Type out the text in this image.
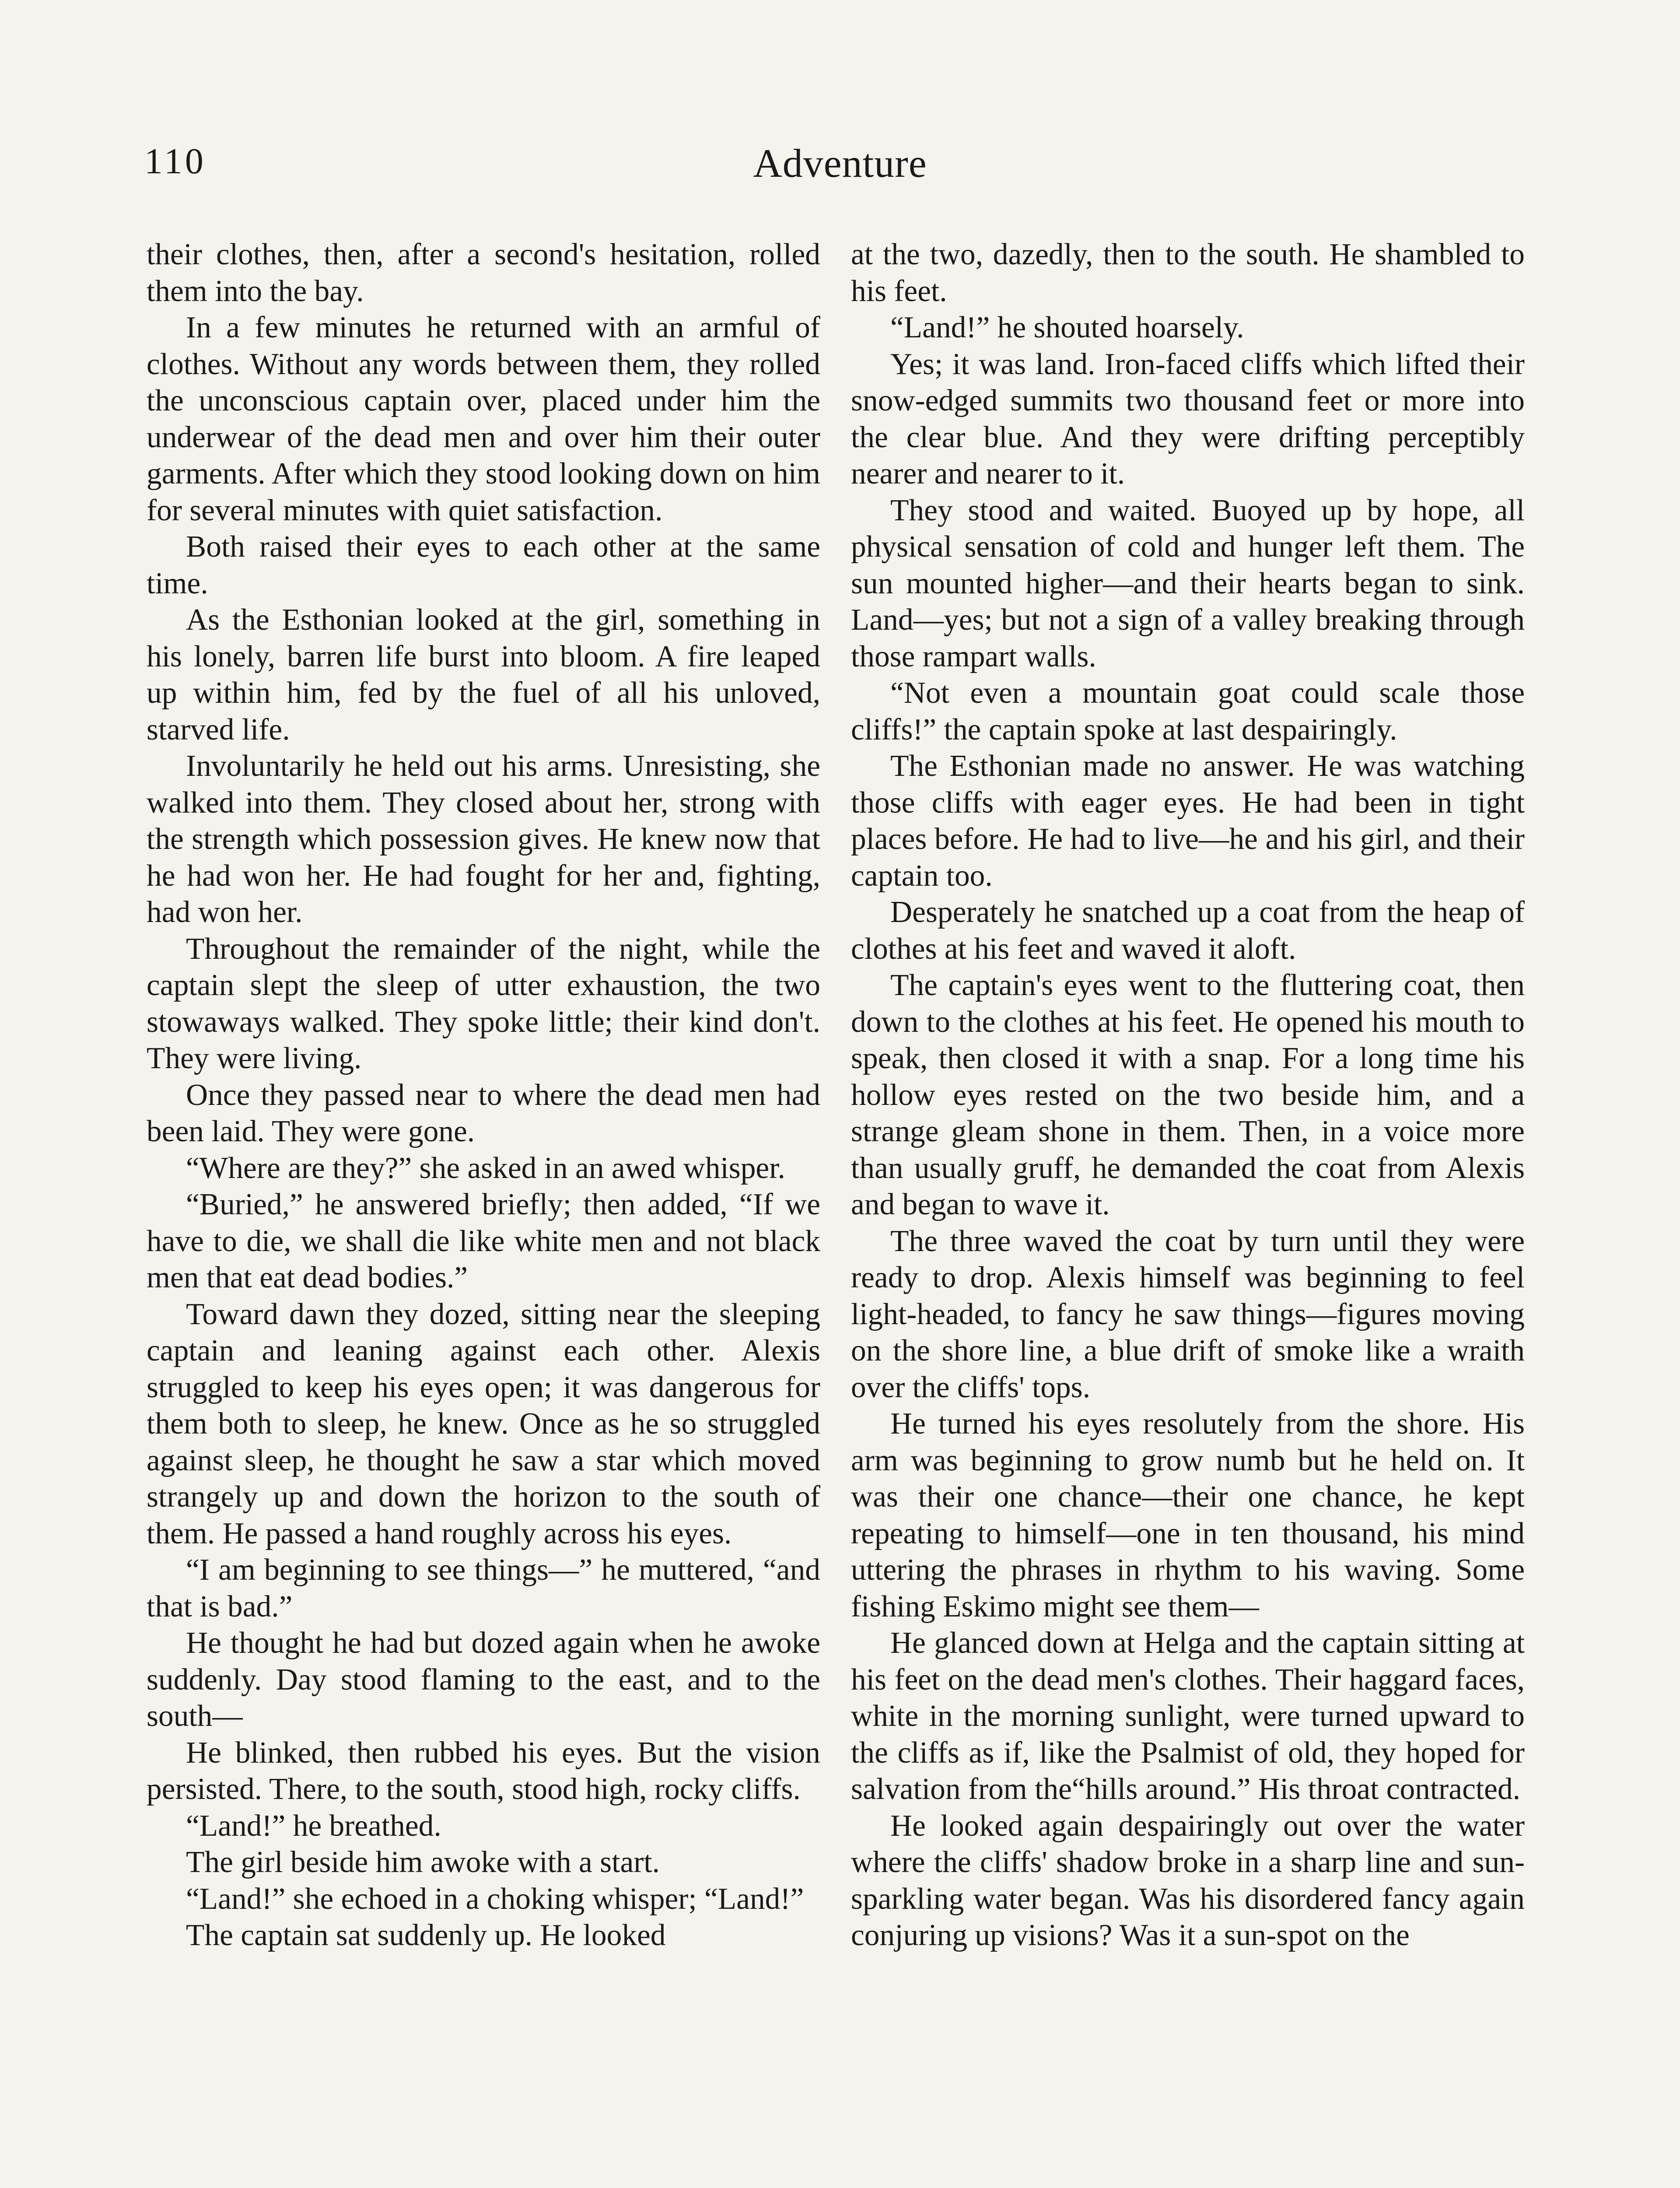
110	Adventure

their clothes, then, after a second's hesitation, rolled them into the bay.

In a few minutes he returned with an armful of clothes. Without any words between them, they rolled the unconscious captain over, placed under him the underwear of the dead men and over him their outer garments. After which they stood looking down on him for several minutes with quiet satisfaction.

Both raised their eyes to each other at the same time.

As the Esthonian looked at the girl, something in his lonely, barren life burst into bloom. A fire leaped up within him, fed by the fuel of all his unloved, starved life.

Involuntarily he held out his arms. Unresisting, she walked into them. They closed about her, strong with the strength which possession gives. He knew now that he had won her. He had fought for her and, fighting, had won her.

Throughout the remainder of the night, while the captain slept the sleep of utter exhaustion, the two stowaways walked. They spoke little; their kind don't. They were living.

Once they passed near to where the dead men had been laid. They were gone.

“Where are they?” she asked in an awed whisper.

“Buried,” he answered briefly; then added, “If we have to die, we shall die like white men and not black men that eat dead bodies.”

Toward dawn they dozed, sitting near the sleeping captain and leaning against each other. Alexis struggled to keep his eyes open; it was dangerous for them both to sleep, he knew. Once as he so struggled against sleep, he thought he saw a star which moved strangely up and down the horizon to the south of them. He passed a hand roughly across his eyes.

“I am beginning to see things—” he muttered, “and that is bad.”

He thought he had but dozed again when he awoke suddenly. Day stood flaming to the east, and to the south—

He blinked, then rubbed his eyes. But the vision persisted. There, to the south, stood high, rocky cliffs.

“Land!” he breathed.

The girl beside him awoke with a start.

“Land!” she echoed in a choking whisper; “Land!”

The captain sat suddenly up. He looked

at the two, dazedly, then to the south. He shambled to his feet.

“Land!” he shouted hoarsely.

Yes; it was land. Iron-faced cliffs which lifted their snow-edged summits two thousand feet or more into the clear blue. And they were drifting perceptibly nearer and nearer to it.

They stood and waited. Buoyed up by hope, all physical sensation of cold and hunger left them. The sun mounted higher—and their hearts began to sink. Land—yes; but not a sign of a valley breaking through those rampart walls.

“Not even a mountain goat could scale those cliffs!” the captain spoke at last despairingly.

The Esthonian made no answer. He was watching those cliffs with eager eyes. He had been in tight places before. He had to live—he and his girl, and their captain too.

Desperately he snatched up a coat from the heap of clothes at his feet and waved it aloft.

The captain's eyes went to the fluttering coat, then down to the clothes at his feet. He opened his mouth to speak, then closed it with a snap. For a long time his hollow eyes rested on the two beside him, and a strange gleam shone in them. Then, in a voice more than usually gruff, he demanded the coat from Alexis and began to wave it.

The three waved the coat by turn until they were ready to drop. Alexis himself was beginning to feel light-headed, to fancy he saw things—figures moving on the shore line, a blue drift of smoke like a wraith over the cliffs' tops.

He turned his eyes resolutely from the shore. His arm was beginning to grow numb but he held on. It was their one chance—their one chance, he kept repeating to himself—one in ten thousand, his mind uttering the phrases in rhythm to his waving. Some fishing Eskimo might see them—

He glanced down at Helga and the captain sitting at his feet on the dead men's clothes. Their haggard faces, white in the morning sunlight, were turned upward to the cliffs as if, like the Psalmist of old, they hoped for salvation from the“hills around.” His throat contracted.

He looked again despairingly out over the water where the cliffs' shadow broke in a sharp line and sun-sparkling water began. Was his disordered fancy again conjuring up visions? Was it a sun-spot on the
